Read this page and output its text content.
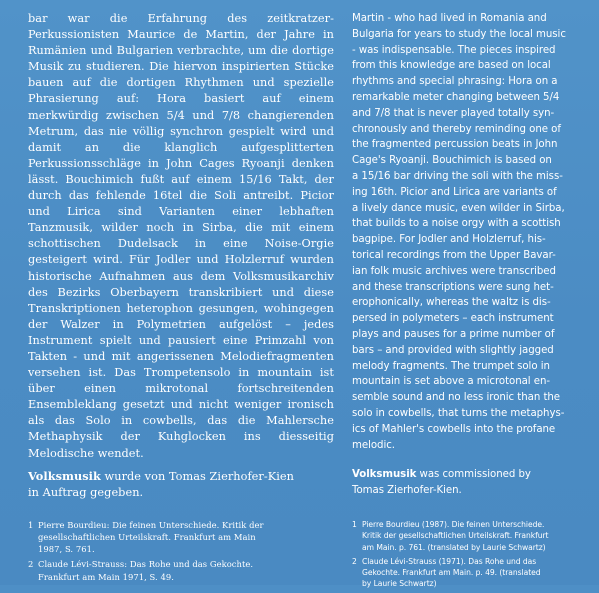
bar war die Erfahrung des zeitkratzer-Perkussionisten Maurice de Martin, der Jahre in Rumänien und Bulgarien verbrachte, um die dortige Musik zu studieren. Die hiervon inspirierten Stücke bauen auf die dortigen Rhythmen und spezielle Phrasierung auf: Hora basiert auf einem merkwürdig zwischen 5/4 und 7/8 changierenden Metrum, das nie völlig synchron gespielt wird und damit an die klanglich aufgesplitterten Perkussionsschläge in John Cages Ryoanji denken lässt. Bouchimich fußt auf einem 15/16 Takt, der durch das fehlende 16tel die Soli antreibt. Picior und Lirica sind Varianten einer lebhaften Tanzmusik, wilder noch in Sirba, die mit einem schottischen Dudelsack in eine Noise-Orgie gesteigert wird. Für Jodler und Holzlerruf wurden historische Aufnahmen aus dem Volksmusikarchiv des Bezirks Oberbayern transkribiert und diese Transkriptionen heterophon gesungen, wohingegen der Walzer in Polymetrien aufgelöst – jedes Instrument spielt und pausiert eine Primzahl von Takten - und mit angerissenen Melodiefragmenten versehen ist. Das Trompetensolo in mountain ist über einen mikrotonal fortschreitenden Ensembleklang gesetzt und nicht weniger ironisch als das Solo in cowbells, das die Mahlersche Methaphysik der Kuhglocken ins diesseitig Melodische wendet.

Volksmusik wurde von Tomas Zierhofer-Kien
in Auftrag gegeben.
1 Pierre Bourdieu: Die feinen Unterschiede. Kritik der
gesellschaftlichen Urteilskraft. Frankfurt am Main
1987, S. 761.
2 Claude Lévi-Strauss: Das Rohe und das Gekochte.
Frankfurt am Main 1971, S. 49.

Martin - who had lived in Romania and
Bulgaria for years to study the local music
- was indispensable. The pieces inspired
from this knowledge are based on local
rhythms and special phrasing: Hora on a
remarkable meter changing between 5/4
and 7/8 that is never played totally syn-
chronously and thereby reminding one of
the fragmented percussion beats in John
Cage's Ryoanji. Bouchimich is based on
a 15/16 bar driving the soli with the miss-
ing 16th. Picior and Lirica are variants of
a lively dance music, even wilder in Sirba,
that builds to a noise orgy with a scottish
bagpipe. For Jodler and Holzlerruf, his-
torical recordings from the Upper Bavar-
ian folk music archives were transcribed
and these transcriptions were sung het-
erophonically, whereas the waltz is dis-
persed in polymeters – each instrument
plays and pauses for a prime number of
bars – and provided with slightly jagged
melody fragments. The trumpet solo in
mountain is set above a microtonal en-
semble sound and no less ironic than the
solo in cowbells, that turns the metaphys-
ics of Mahler's cowbells into the profane
melodic.

Volksmusik was commissioned by
Tomas Zierhofer-Kien.
1 Pierre Bourdieu (1987). Die feinen Unterschiede.
Kritik der gesellschaftlichen Urteilskraft. Frankfurt
am Main. p. 761. (translated by Laurie Schwartz)
2 Claude Lévi-Strauss (1971). Das Rohe und das
Gekochte. Frankfurt am Main. p. 49. (translated
by Laurie Schwartz)
